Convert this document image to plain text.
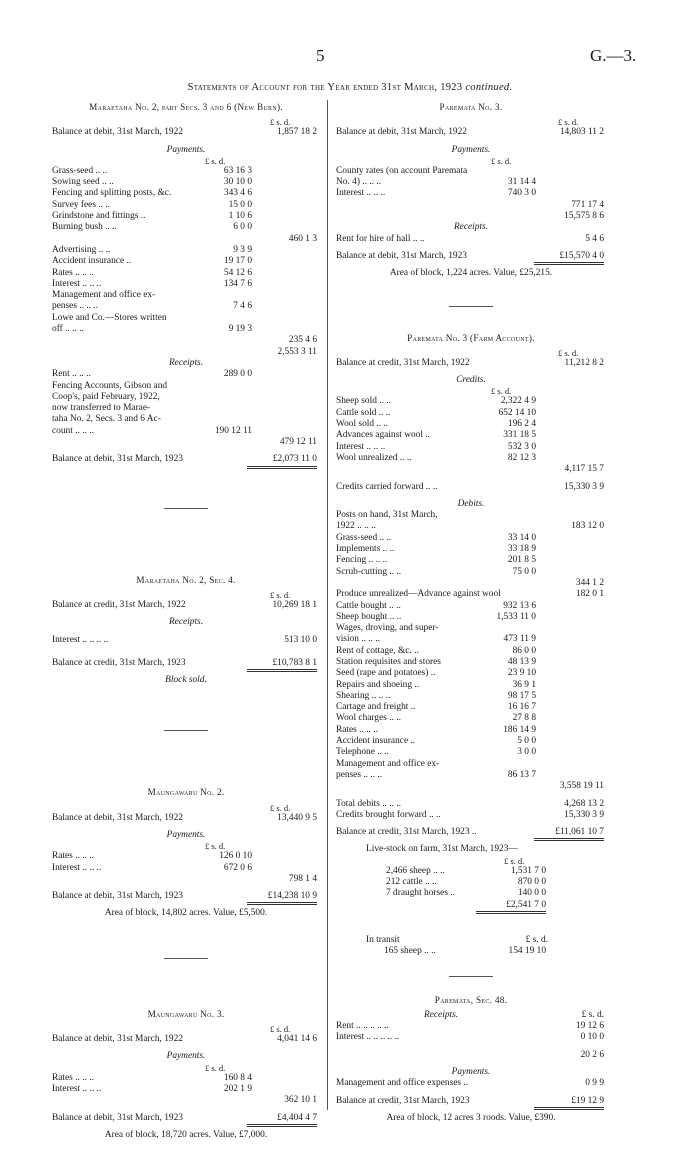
5	G.—3.
Statements of Account for the Year ended 31st March, 1923 continued.
Maraetaha No. 2, part Secs. 3 and 6 (New Burn).
£ s. d.
Balance at debit, 31st March, 1922	1,857 18 2
Payments.
£ s. d.
Grass-seed .. ..	63 16 3
Sowing seed .. ..	30 10 0
Fencing and splitting posts, &c.	343 4 6
Survey fees .. ..	15 0 0
Grindstone and fittings ..	1 10 6
Burning bush .. ..	6 0 0
460 1 3
Advertising .. ..	9 3 9
Accident insurance ..	19 17 0
Rates .. .. ..	54 12 6
Interest .. .. ..	134 7 6
Management and office ex-
penses .. .. ..	7 4 6
Lowe and Co.—Stores written
off .. .. ..	9 19 3
235 4 6
2,553 3 11
Receipts.
Rent .. .. ..	289 0 0
Fencing Accounts, Gibson and
Coop's, paid February, 1922,
now transferred to Marae-
taha No. 2, Secs. 3 and 6 Ac-
count .. .. ..	190 12 11
479 12 11
Balance at debit, 31st March, 1923	£2,073 11 0
Maraetaha No. 2, Sec. 4.
£ s. d.
Balance at credit, 31st March, 1922	10,269 18 1
Receipts.
Interest .. .. .. ..	513 10 0
Balance at credit, 31st March, 1923	£10,783 8 1
Block sold.
Maungawaru No. 2.
£ s. d.
Balance at debit, 31st March, 1922	13,440 9 5
Payments.
£ s. d.
Rates .. .. ..	126 0 10
Interest .. .. ..	672 0 6
798 1 4
Balance at debit, 31st March, 1923	£14,238 10 9
Area of block, 14,802 acres. Value, £5,500.
Maungawaru No. 3.
£ s. d.
Balance at debit, 31st March, 1922	4,041 14 6
Payments.
£ s. d.
Rates .. .. ..	160 8 4
Interest .. .. ..	202 1 9
362 10 1
Balance at debit, 31st March, 1923	£4,404 4 7
Area of block, 18,720 acres. Value, £7,000.
Paremata No. 3.
£ s. d.
Balance at debit, 31st March, 1922	14,803 11 2
Payments.
£ s. d.
County rates (on account Paremata
No. 4) .. .. ..	31 14 4
Interest .. .. ..	740 3 0
771 17 4
15,575 8 6
Receipts.
Rent for hire of hall .. ..	5 4 6
Balance at debit, 31st March, 1923	£15,570 4 0
Area of block, 1,224 acres. Value, £25,215.
Paremata No. 3 (Farm Account).
£ s. d.
Balance at credit, 31st March, 1922	11,212 8 2
Credits.
£ s. d.
Sheep sold .. ..	2,322 4 9
Cattle sold .. ..	652 14 10
Wool sold .. ..	196 2 4
Advances against wool ..	331 18 5
Interest .. .. ..	532 3 0
Wool unrealized .. ..	82 12 3
4,117 15 7
Credits carried forward .. ..	15,330 3 9
Debits.
Posts on hand, 31st March,
1922 .. .. ..	183 12 0
Grass-seed .. ..	33 14 0
Implements .. ..	33 18 9
Fencing .. .. ..	201 8 5
Scrub-cutting .. ..	75 0 0
344 1 2
Produce unrealized—Advance against wool	182 0 1
Cattle bought .. ..	932 13 6
Sheep bought .. ..	1,533 11 0
Wages, droving, and super-
vision .. .. ..	473 11 9
Rent of cottage, &c. ..	86 0 0
Station requisites and stores	48 13 9
Seed (rape and potatoes) ..	23 9 10
Repairs and shoeing ..	36 9 1
Shearing .. .. ..	98 17 5
Cartage and freight ..	16 16 7
Wool charges .. ..	27 8 8
Rates .. .. ..	186 14 9
Accident insurance ..	5 0 0
Telephone .. ..	3 0 0
Management and office ex-
penses .. .. ..	86 13 7
3,558 19 11
Total debits .. .. ..	4,268 13 2
Credits brought forward .. ..	15,330 3 9
Balance at credit, 31st March, 1923 ..	£11,061 10 7
Live-stock on farm, 31st March, 1923—
£ s. d.
2,466 sheep .. ..	1,531 7 0
212 cattle .. ..	870 0 0
7 draught horses ..	140 0 0
£2,541 7 0
In transit	£ s. d.
165 sheep .. ..	154 19 10
Paremata, Sec. 48.
Receipts.	£ s. d.
Rent .. .. .. .. ..	19 12 6
Interest .. .. .. .. ..	0 10 0
20 2 6
Payments.
Management and office expenses ..	0 9 9
Balance at credit, 31st March, 1923	£19 12 9
Area of block, 12 acres 3 roods. Value, £390.
